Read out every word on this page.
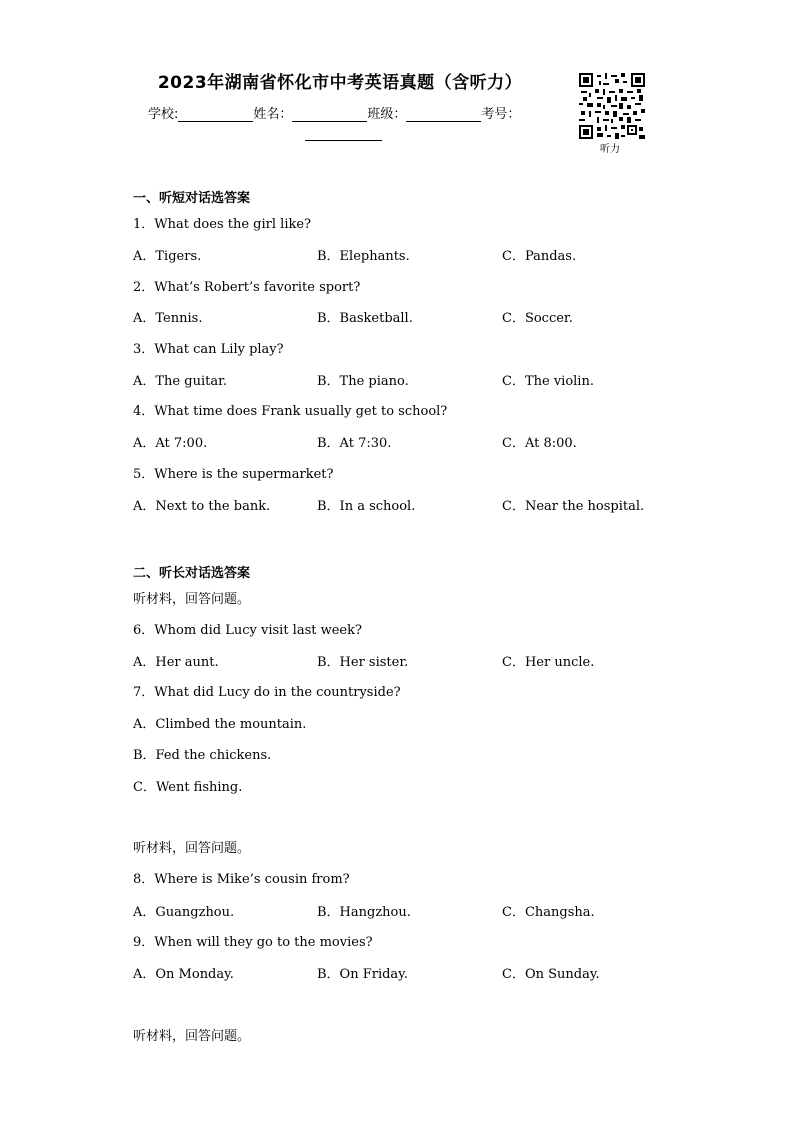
2023年湖南省怀化市中考英语真题（含听力）
学校:	姓名：	班级：	考号：
听力
一、听短对话选答案
1．What does the girl like?
A．Tigers.	B．Elephants.	C．Pandas.
2．What’s Robert’s favorite sport?
A．Tennis.	B．Basketball.	C．Soccer.
3．What can Lily play?
A．The guitar.	B．The piano.	C．The violin.
4．What time does Frank usually get to school?
A．At 7:00.	B．At 7:30.	C．At 8:00.
5．Where is the supermarket?
A．Next to the bank.	B．In a school.	C．Near the hospital.
二、听长对话选答案
听材料，回答问题。
6．Whom did Lucy visit last week?
A．Her aunt.	B．Her sister.	C．Her uncle.
7．What did Lucy do in the countryside?
A．Climbed the mountain.
B．Fed the chickens.
C．Went fishing.
听材料，回答问题。
8．Where is Mike’s cousin from?
A．Guangzhou.	B．Hangzhou.	C．Changsha.
9．When will they go to the movies?
A．On Monday.	B．On Friday.	C．On Sunday.
听材料，回答问题。
